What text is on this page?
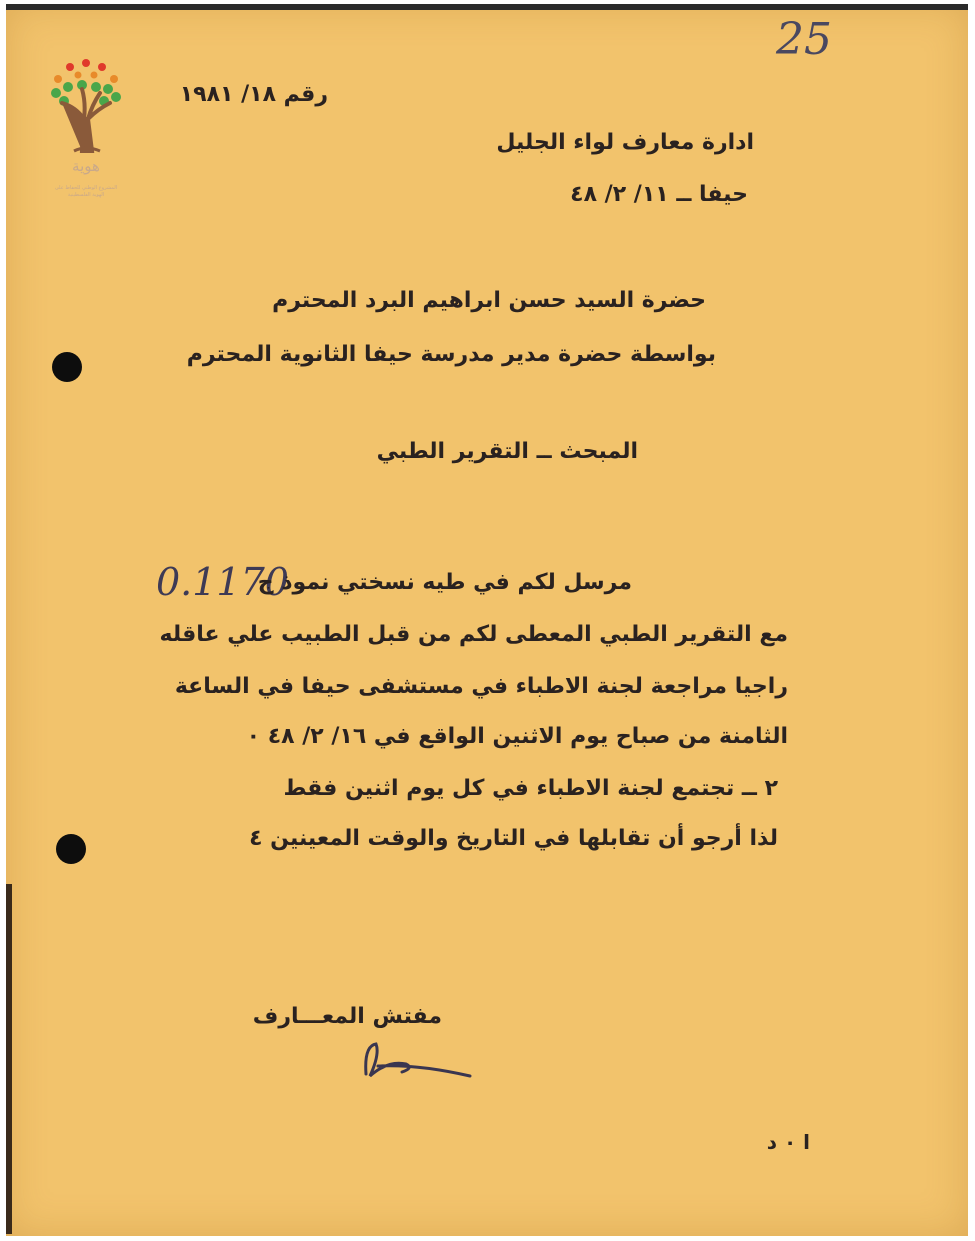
هوية
المشروع الوطني للحفاظ على
الهوية الفلسطينية
25
رقم ١٨/ ١٩٨١
ادارة معارف لواء الجليل
حيفا ــ ١١/ ٢/ ٤٨
حضرة السيد حسن ابراهيم البرد المحترم
بواسطة حضرة مدير مدرسة حيفا الثانوية المحترم
المبحث ــ التقرير الطبي
0.1170
مرسل لكم في طيه نسختي نموذ ج
مع التقرير الطبي المعطى لكم من قبل الطبيب علي عاقله
راجيا مراجعة لجنة الاطباء في مستشفى حيفا في الساعة
الثامنة من صباح يوم الاثنين الواقع في ١٦/ ٢/ ٤٨ ٠
٢ ــ تجتمع لجنة الاطباء في كل يوم اثنين فقط
لذا أرجو أن تقابلها في التاريخ والوقت المعينين ٤
مفتش المعـــارف
ا ٠ د
